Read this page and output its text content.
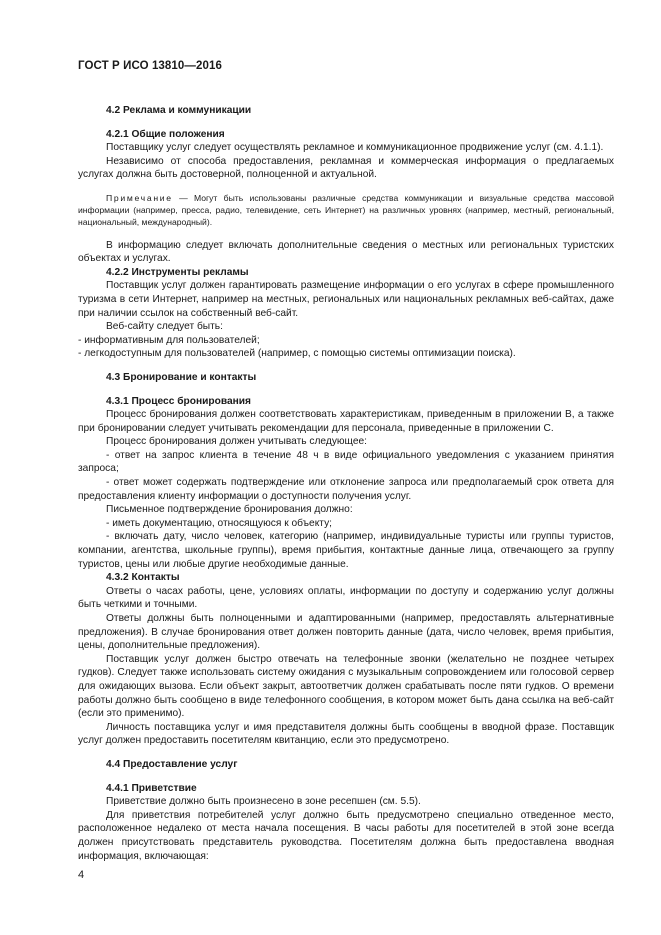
ГОСТ Р ИСО 13810—2016

4.2 Реклама и коммуникации

4.2.1 Общие положения

Поставщику услуг следует осуществлять рекламное и коммуникационное продвижение услуг (см. 4.1.1).

Независимо от способа предоставления, рекламная и коммерческая информация о предлагаемых услугах должна быть достоверной, полноценной и актуальной.

Примечание — Могут быть использованы различные средства коммуникации и визуальные средства массовой информации (например, пресса, радио, телевидение, сеть Интернет) на различных уровнях (например, местный, региональный, национальный, международный).

В информацию следует включать дополнительные сведения о местных или региональных туристских объектах и услугах.

4.2.2 Инструменты рекламы

Поставщик услуг должен гарантировать размещение информации о его услугах в сфере промышленного туризма в сети Интернет, например на местных, региональных или национальных рекламных веб-сайтах, даже при наличии ссылок на собственный веб-сайт.

Веб-сайту следует быть:

- информативным для пользователей;

- легкодоступным для пользователей (например, с помощью системы оптимизации поиска).

4.3 Бронирование и контакты

4.3.1 Процесс бронирования

Процесс бронирования должен соответствовать характеристикам, приведенным в приложении В, а также при бронировании следует учитывать рекомендации для персонала, приведенные в приложении С.

Процесс бронирования должен учитывать следующее:

- ответ на запрос клиента в течение 48 ч в виде официального уведомления с указанием принятия запроса;

- ответ может содержать подтверждение или отклонение запроса или предполагаемый срок ответа для предоставления клиенту информации о доступности получения услуг.

Письменное подтверждение бронирования должно:

- иметь документацию, относящуюся к объекту;

- включать дату, число человек, категорию (например, индивидуальные туристы или группы туристов, компании, агентства, школьные группы), время прибытия, контактные данные лица, отвечающего за группу туристов, цены или любые другие необходимые данные.

4.3.2 Контакты

Ответы о часах работы, цене, условиях оплаты, информации по доступу и содержанию услуг должны быть четкими и точными.

Ответы должны быть полноценными и адаптированными (например, предоставлять альтернативные предложения). В случае бронирования ответ должен повторить данные (дата, число человек, время прибытия, цены, дополнительные предложения).

Поставщик услуг должен быстро отвечать на телефонные звонки (желательно не позднее четырех гудков). Следует также использовать систему ожидания с музыкальным сопровождением или голосовой сервер для ожидающих вызова. Если объект закрыт, автоответчик должен срабатывать после пяти гудков. О времени работы должно быть сообщено в виде телефонного сообщения, в котором может быть дана ссылка на веб-сайт (если это применимо).

Личность поставщика услуг и имя представителя должны быть сообщены в вводной фразе. Поставщик услуг должен предоставить посетителям квитанцию, если это предусмотрено.

4.4 Предоставление услуг

4.4.1 Приветствие

Приветствие должно быть произнесено в зоне ресепшен (см. 5.5).

Для приветствия потребителей услуг должно быть предусмотрено специально отведенное место, расположенное недалеко от места начала посещения. В часы работы для посетителей в этой зоне всегда должен присутствовать представитель руководства. Посетителям должна быть предоставлена вводная информация, включающая:

4
